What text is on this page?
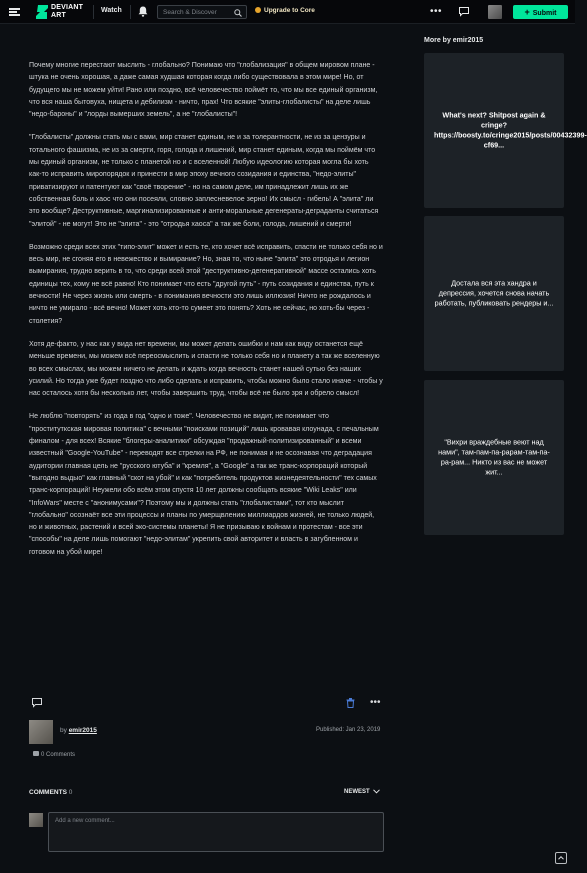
DEVIANT
ART
Watch	Search & Discover	Upgrade to Core	•••	+ Submit

Почему многие перестают мыслить - глобально? Понимаю что "глобализация" в общем мировом плане - штука не очень хорошая, а даже самая худшая которая когда либо существовала в этом мире! Но, от будущего мы не можем уйти! Рано или поздно, всё человечество поймёт то, что мы все единый организм, что вся наша бытовуха, нищета и дебилизм - ничто, прах! Что всякие "элиты-глобалисты" на деле лишь "недо-бароны" и "лорды вымерших земель", а не "глобалисты"!

"Глобалисты" должны стать мы с вами, мир станет единым, не и за толерантности, не из за цензуры и тотального фашизма, не из за смерти, горя, голода и лишений, мир станет единым, когда мы поймём что мы единый организм, не только с планетой но и с вселенной! Любую идеологию которая могла бы хоть как-то исправить миропорядок и принести в мир эпоху вечного созидания и единства, "недо-элиты" приватизируют и патентуют как "своё творение" - но на самом деле, им принадлежит лишь их же собственная боль и хаос что они посеяли, словно заплесневелое зерно! Их смысл - гибель! А "элита" ли это вообще? Деструктивные, маргинализированные и анти-моральные дегенераты-деграданты считаться "элитой" - не могут! Это не "элита" - это "отродья хаоса" а так же боли, голода, лишений и смерти!

Возможно среди всех этих "типо-элит" может и есть те, кто хочет всё исправить, спасти не только себя но и весь мир, не сгоняя его в невежество и вымирание? Но, зная то, что ныне "элита" это отродья и легион вымирания, трудно верить в то, что среди всей этой "деструктивно-дегенеративной" массе остались хоть единицы тех, кому не всё равно! Кто понимает что есть "другой путь" - путь созидания и единства, путь к вечности! Не через жизнь или смерть - в понимания вечности это лишь иллюзия! Ничто не рождалось и ничто не умирало - всё вечно! Может хоть кто-то сумеет это понять? Хоть не сейчас, но хоть-бы через - столетия?

Хотя де-факто, у нас как у вида нет времени, мы может делать ошибки и нам как виду останется ещё меньше времени, мы можем всё переосмыслить и спасти не только себя но и планету а так же вселенную во всех смыслах, мы можем ничего не делать и ждать когда вечность станет нашей сутью без наших усилий. Но тогда уже будет поздно что либо сделать и исправить, чтобы можно было стало иначе - чтобы у нас осталось хотя бы несколько лет, чтобы завершить труд, чтобы всё не было зря и обрело смысл!

Не люблю "повторять" из года в год "одно и тоже". Человечество не видит, не понимает что "проституткская мировая политика" с вечными "поисками позиций" лишь кровавая клоунада, с печальным финалом - для всех! Всякие "блогеры-аналитики" обсуждая "продажный-политизированный" и всеми известный "Google-YouTube" - переводят все стрелки на РФ, не понимая и не осознавая что деградация аудитории главная цель не "русского ютуба" и "кремля", а "Google" а так же транс-корпораций который "выгодно выдыо" как главный "скот на убой" и как "потребитель продуктов жизнедеятельности" тех самых транс-корпораций! Неужели обо всём этом спустя 10 лет должны сообщать всякие "Wiki Leaks" или "InfoWars" месте с "анонимусами"? Поэтому мы и должны стать "глобалистами", тот кто мыслит "глобально" осознаёт все эти процессы и планы по умерщвлению миллиардов жизней, не только людей, но и животных, растений и всей эко-системы планеты! Я не призываю к войнам и протестам - все эти "способы" на деле лишь помогают "недо-элитам" укрепить свой авторитет и власть в загубленном и готовом на убой мире!

•••
by emir2015	Published: Jan 23, 2019
0 Comments
COMMENTS 0	NEWEST
Add a new comment...
More by emir2015
What's next? Shitpost again & cringe? https://boosty.to/cringe2015/posts/00432399-cf69...
Достала вся эта хандра и депрессия, хочется снова начать работать, публиковать рендеры и...
"Вихри враждебные веют над нами", там-пам-па-рарам-там-па-ра-рам... Никто из вас не может жит...
